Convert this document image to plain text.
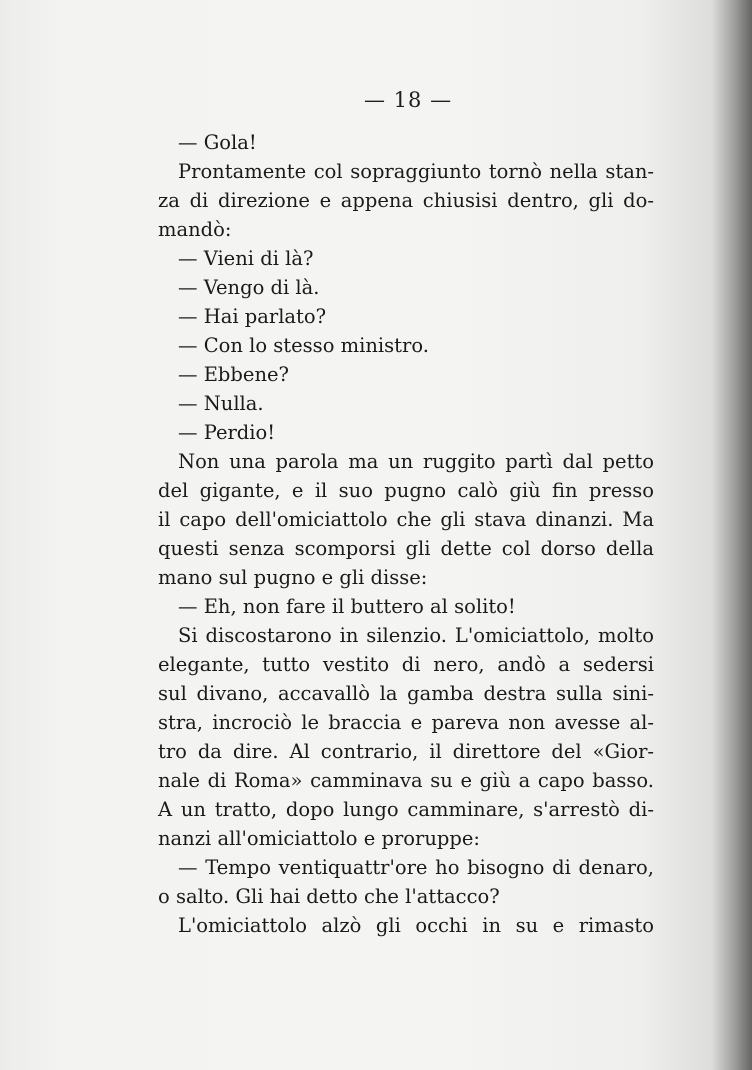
— 18 —
— Gola!
Prontamente col sopraggiunto tornò nella stan-
za di direzione e appena chiusisi dentro, gli do-
mandò:
— Vieni di là?
— Vengo di là.
— Hai parlato?
— Con lo stesso ministro.
— Ebbene?
— Nulla.
— Perdio!
Non una parola ma un ruggito partì dal petto
del gigante, e il suo pugno calò giù fin presso
il capo dell'omiciattolo che gli stava dinanzi. Ma
questi senza scomporsi gli dette col dorso della
mano sul pugno e gli disse:
— Eh, non fare il buttero al solito!
Si discostarono in silenzio. L'omiciattolo, molto
elegante, tutto vestito di nero, andò a sedersi
sul divano, accavallò la gamba destra sulla sini-
stra, incrociò le braccia e pareva non avesse al-
tro da dire. Al contrario, il direttore del «Gior-
nale di Roma» camminava su e giù a capo basso.
A un tratto, dopo lungo camminare, s'arrestò di-
nanzi all'omiciattolo e proruppe:
— Tempo ventiquattr'ore ho bisogno di denaro,
o salto. Gli hai detto che l'attacco?
L'omiciattolo alzò gli occhi in su e rimasto
